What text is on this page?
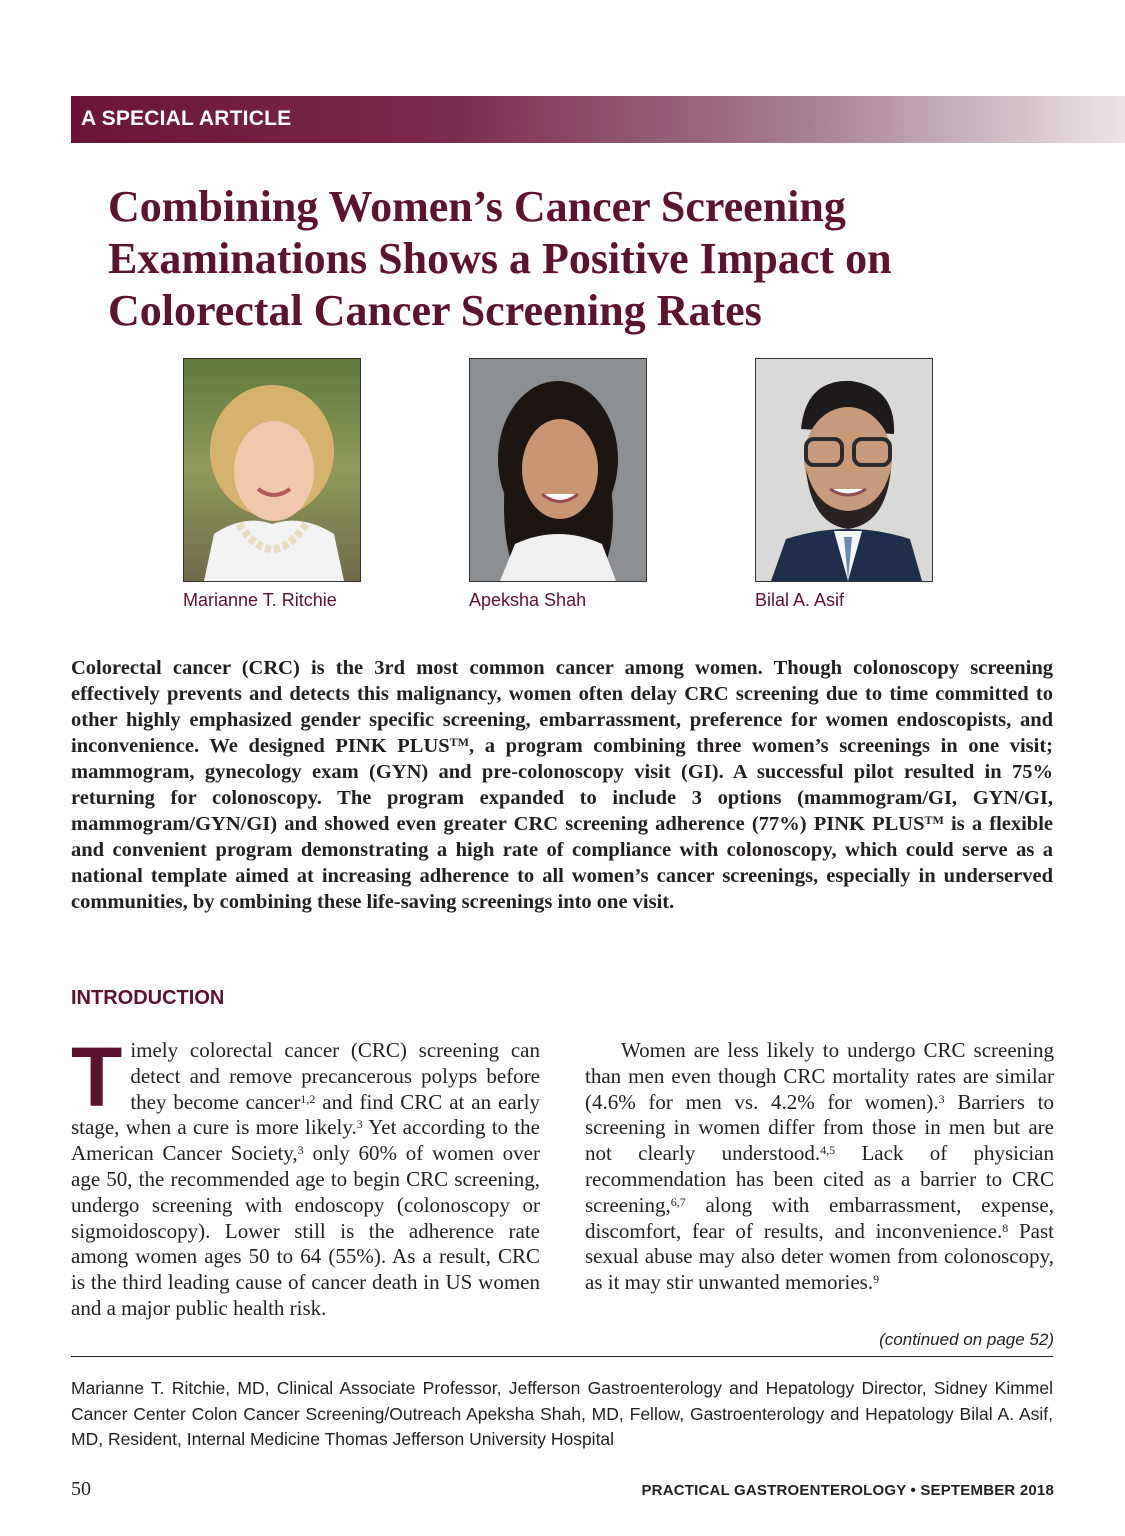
A SPECIAL ARTICLE
Combining Women’s Cancer Screening
Examinations Shows a Positive Impact on
Colorectal Cancer Screening Rates
Marianne T. Ritchie	Apeksha Shah	Bilal A. Asif

Colorectal cancer (CRC) is the 3rd most common cancer among women. Though colonoscopy screening effectively prevents and detects this malignancy, women often delay CRC screening due to time committed to other highly emphasized gender specific screening, embarrassment, preference for women endoscopists, and inconvenience. We designed PINK PLUS™, a program combining three women’s screenings in one visit; mammogram, gynecology exam (GYN) and pre-colonoscopy visit (GI). A successful pilot resulted in 75% returning for colonoscopy. The program expanded to include 3 options (mammogram/GI, GYN/GI, mammogram/GYN/GI) and showed even greater CRC screening adherence (77%) PINK PLUS™ is a flexible and convenient program demonstrating a high rate of compliance with colonoscopy, which could serve as a national template aimed at increasing adherence to all women’s cancer screenings, especially in underserved communities, by combining these life-saving screenings into one visit.

INTRODUCTION

Timely colorectal cancer (CRC) screening can detect and remove precancerous polyps before they become cancer$^{1,2}$ and find CRC at an early stage, when a cure is more likely.$^3$ Yet according to the American Cancer Society,$^3$ only 60% of women over age 50, the recommended age to begin CRC screening, undergo screening with endoscopy (colonoscopy or sigmoidoscopy). Lower still is the adherence rate among women ages 50 to 64 (55%). As a result, CRC is the third leading cause of cancer death in US women and a major public health risk.

Women are less likely to undergo CRC screening than men even though CRC mortality rates are similar (4.6% for men vs. 4.2% for women).$^3$ Barriers to screening in women differ from those in men but are not clearly understood.$^{4,5}$ Lack of physician recommendation has been cited as a barrier to CRC screening,$^{6,7}$ along with embarrassment, expense, discomfort, fear of results, and inconvenience.$^8$ Past sexual abuse may also deter women from colonoscopy, as it may stir unwanted memories.$^9$

(continued on page 52)

Marianne T. Ritchie, MD, Clinical Associate Professor, Jefferson Gastroenterology and Hepatology Director, Sidney Kimmel Cancer Center Colon Cancer Screening/Outreach Apeksha Shah, MD, Fellow, Gastroenterology and Hepatology Bilal A. Asif, MD, Resident, Internal Medicine Thomas Jefferson University Hospital

50	PRACTICAL GASTROENTEROLOGY • SEPTEMBER 2018
